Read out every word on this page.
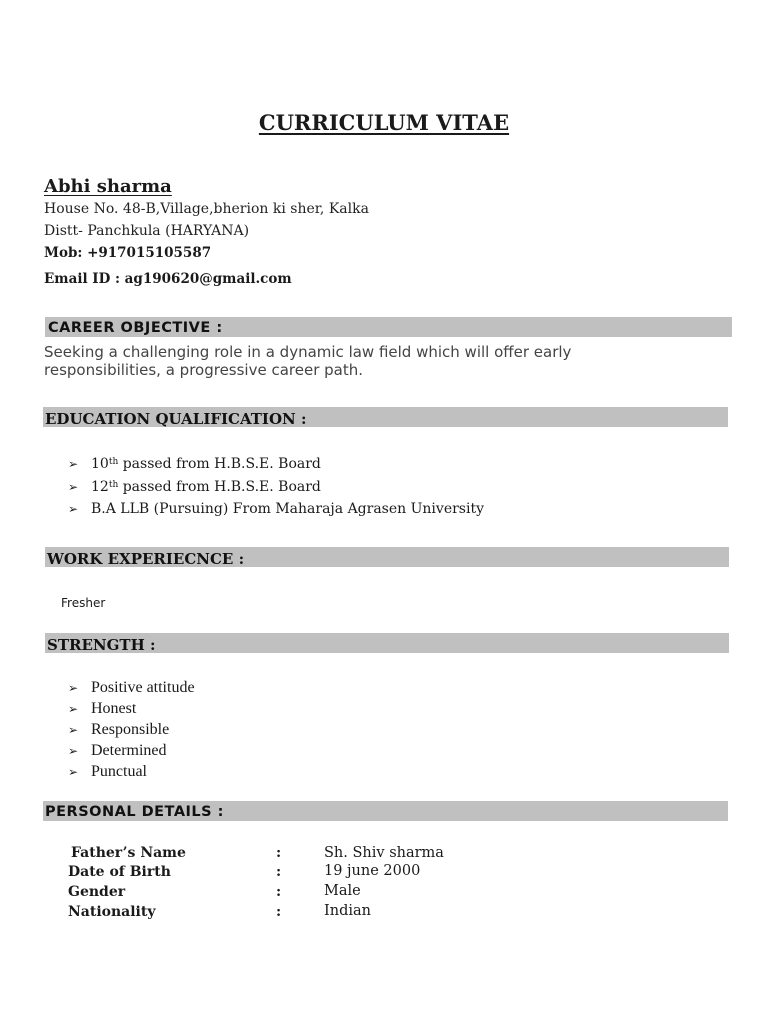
CURRICULUM VITAE
Abhi sharma
House No. 48-B,Village,bherion ki sher, Kalka
Distt- Panchkula (HARYANA)
Mob: +917015105587
Email ID : ag190620@gmail.com
CAREER OBJECTIVE :
Seeking a challenging role in a dynamic law field which will offer early
responsibilities, a progressive career path.
EDUCATION QUALIFICATION :
➢ 10th passed from H.B.S.E. Board
➢ 12th passed from H.B.S.E. Board
➢ B.A LLB (Pursuing) From Maharaja Agrasen University
WORK EXPERIECNCE :
Fresher
STRENGTH :
➢ Positive attitude
➢ Honest
➢ Responsible
➢ Determined
➢ Punctual
PERSONAL DETAILS :
Father’s Name	:	Sh. Shiv sharma
Date of Birth	:	19 june 2000
Gender	:	Male
Nationality	:	Indian
